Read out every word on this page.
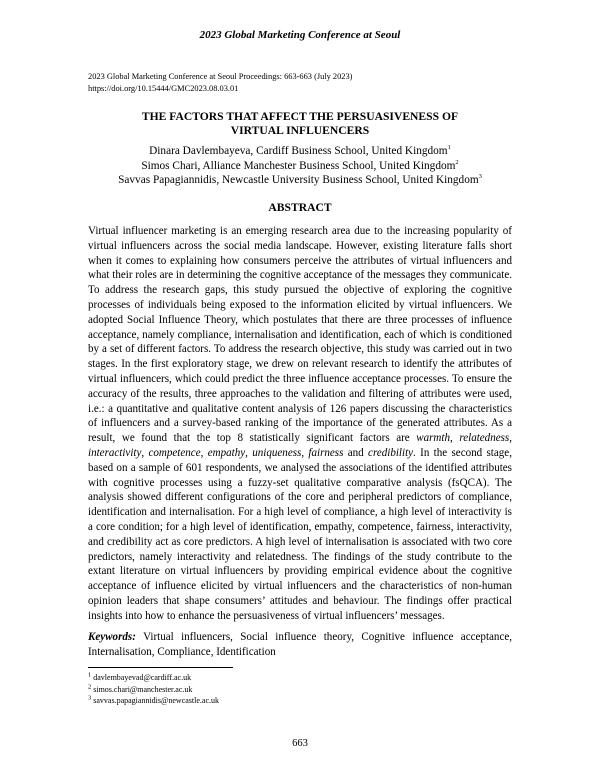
2023 Global Marketing Conference at Seoul
2023 Global Marketing Conference at Seoul Proceedings: 663-663 (July 2023)
https://doi.org/10.15444/GMC2023.08.03.01
THE FACTORS THAT AFFECT THE PERSUASIVENESS OF
VIRTUAL INFLUENCERS
Dinara Davlembayeva, Cardiff Business School, United Kingdom$^1$
Simos Chari, Alliance Manchester Business School, United Kingdom$^2$
Savvas Papagiannidis, Newcastle University Business School, United Kingdom$^3$
ABSTRACT
Virtual influencer marketing is an emerging research area due to the increasing popularity of virtual influencers across the social media landscape. However, existing literature falls short when it comes to explaining how consumers perceive the attributes of virtual influencers and what their roles are in determining the cognitive acceptance of the messages they communicate. To address the research gaps, this study pursued the objective of exploring the cognitive processes of individuals being exposed to the information elicited by virtual influencers. We adopted Social Influence Theory, which postulates that there are three processes of influence acceptance, namely compliance, internalisation and identification, each of which is conditioned by a set of different factors. To address the research objective, this study was carried out in two stages. In the first exploratory stage, we drew on relevant research to identify the attributes of virtual influencers, which could predict the three influence acceptance processes. To ensure the accuracy of the results, three approaches to the validation and filtering of attributes were used, i.e.: a quantitative and qualitative content analysis of 126 papers discussing the characteristics of influencers and a survey-based ranking of the importance of the generated attributes. As a result, we found that the top 8 statistically significant factors are warmth, relatedness, interactivity, competence, empathy, uniqueness, fairness and credibility. In the second stage, based on a sample of 601 respondents, we analysed the associations of the identified attributes with cognitive processes using a fuzzy-set qualitative comparative analysis (fsQCA). The analysis showed different configurations of the core and peripheral predictors of compliance, identification and internalisation. For a high level of compliance, a high level of interactivity is a core condition; for a high level of identification, empathy, competence, fairness, interactivity, and credibility act as core predictors. A high level of internalisation is associated with two core predictors, namely interactivity and relatedness. The findings of the study contribute to the extant literature on virtual influencers by providing empirical evidence about the cognitive acceptance of influence elicited by virtual influencers and the characteristics of non-human opinion leaders that shape consumers’ attitudes and behaviour. The findings offer practical insights into how to enhance the persuasiveness of virtual influencers’ messages.
Keywords: Virtual influencers, Social influence theory, Cognitive influence acceptance, Internalisation, Compliance, Identification
$^1$ davlembayevad@cardiff.ac.uk
$^2$ simos.chari@manchester.ac.uk
$^3$ savvas.papagiannidis@newcastle.ac.uk
663
